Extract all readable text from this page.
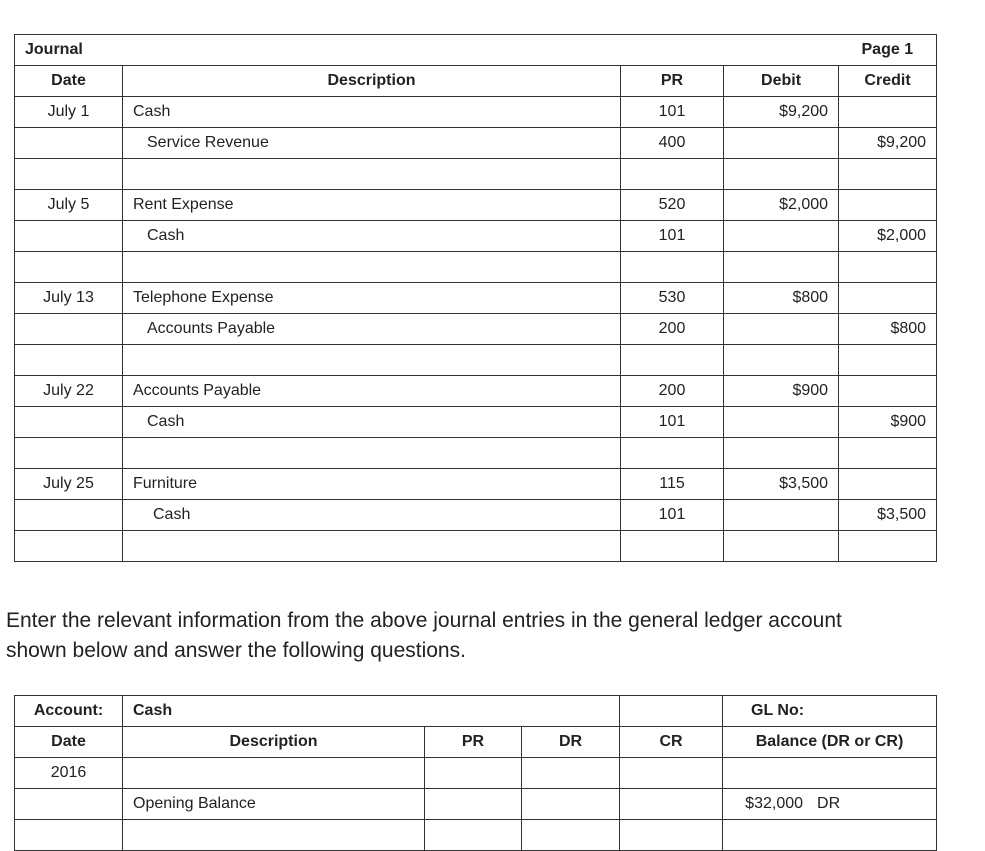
Journal				Page 1
Date	Description	PR	Debit	Credit
July 1	Cash	101	$9,200	
	Service Revenue	400		$9,200

July 5	Rent Expense	520	$2,000	
	Cash	101		$2,000

July 13	Telephone Expense	530	$800	
	Accounts Payable	200		$800

July 22	Accounts Payable	200	$900	
	Cash	101		$900

July 25	Furniture	115	$3,500	
	Cash	101		$3,500

Enter the relevant information from the above journal entries in the general ledger account
shown below and answer the following questions.
Account:	Cash				GL No:
Date	Description	PR	DR	CR	Balance (DR or CR)
2016					
	Opening Balance				$32,000 DR
